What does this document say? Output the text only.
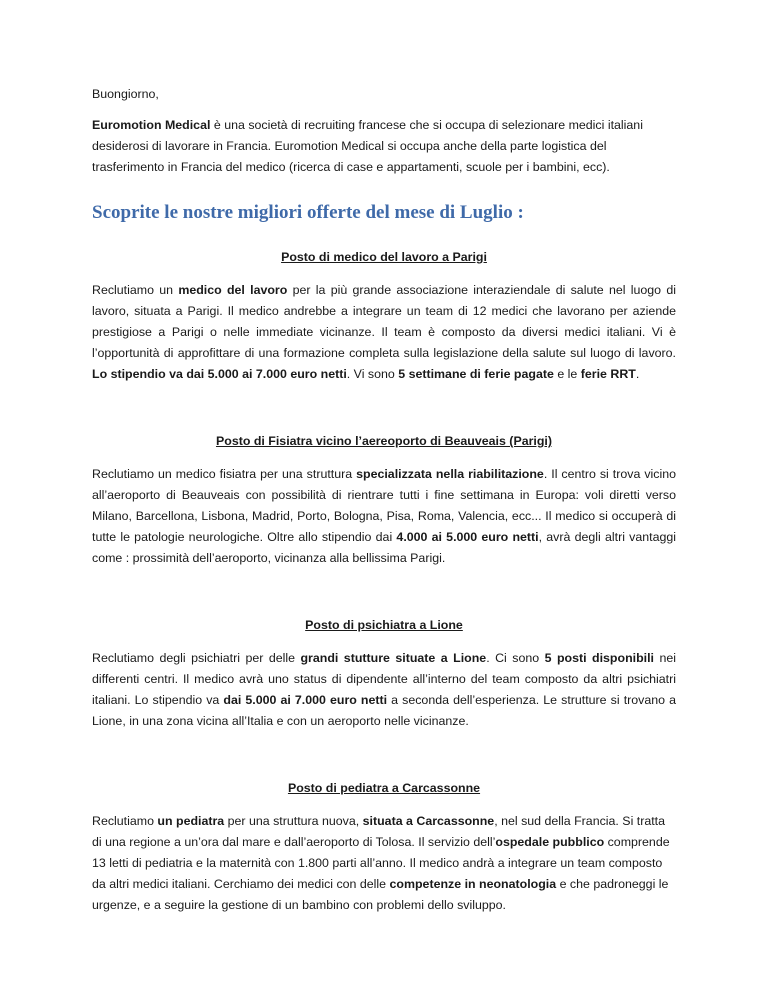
Buongiorno,

Euromotion Medical è una società di recruiting francese che si occupa di selezionare medici italiani desiderosi di lavorare in Francia. Euromotion Medical si occupa anche della parte logistica del trasferimento in Francia del medico (ricerca di case e appartamenti, scuole per i bambini, ecc).

Scoprite le nostre migliori offerte del mese di Luglio :

Posto di medico del lavoro a Parigi

Reclutiamo un medico del lavoro per la più grande associazione interaziendale di salute nel luogo di lavoro, situata a Parigi. Il medico andrebbe a integrare un team di 12 medici che lavorano per aziende prestigiose a Parigi o nelle immediate vicinanze. Il team è composto da diversi medici italiani. Vi è l’opportunità di approfittare di una formazione completa sulla legislazione della salute sul luogo di lavoro. Lo stipendio va dai 5.000 ai 7.000 euro netti. Vi sono 5 settimane di ferie pagate e le ferie RRT.

Posto di Fisiatra vicino l’aereoporto di Beauveais (Parigi)

Reclutiamo un medico fisiatra per una struttura specializzata nella riabilitazione. Il centro si trova vicino all’aeroporto di Beauveais con possibilità di rientrare tutti i fine settimana in Europa: voli diretti verso Milano, Barcellona, Lisbona, Madrid, Porto, Bologna, Pisa, Roma, Valencia, ecc... Il medico si occuperà di tutte le patologie neurologiche. Oltre allo stipendio dai 4.000 ai 5.000 euro netti, avrà degli altri vantaggi come : prossimità dell’aeroporto, vicinanza alla bellissima Parigi.

Posto di psichiatra a Lione

Reclutiamo degli psichiatri per delle grandi stutture situate a Lione. Ci sono 5 posti disponibili nei differenti centri. Il medico avrà uno status di dipendente all’interno del team composto da altri psichiatri italiani. Lo stipendio va dai 5.000 ai 7.000 euro netti a seconda dell’esperienza. Le strutture si trovano a Lione, in una zona vicina all’Italia e con un aeroporto nelle vicinanze.

Posto di pediatra a Carcassonne

Reclutiamo un pediatra per una struttura nuova, situata a Carcassonne, nel sud della Francia. Si tratta di una regione a un’ora dal mare e dall’aeroporto di Tolosa. Il servizio dell’ospedale pubblico comprende 13 letti di pediatria e la maternità con 1.800 parti all’anno. Il medico andrà a integrare un team composto da altri medici italiani. Cerchiamo dei medici con delle competenze in neonatologia e che padroneggi le urgenze, e a seguire la gestione di un bambino con problemi dello sviluppo.
